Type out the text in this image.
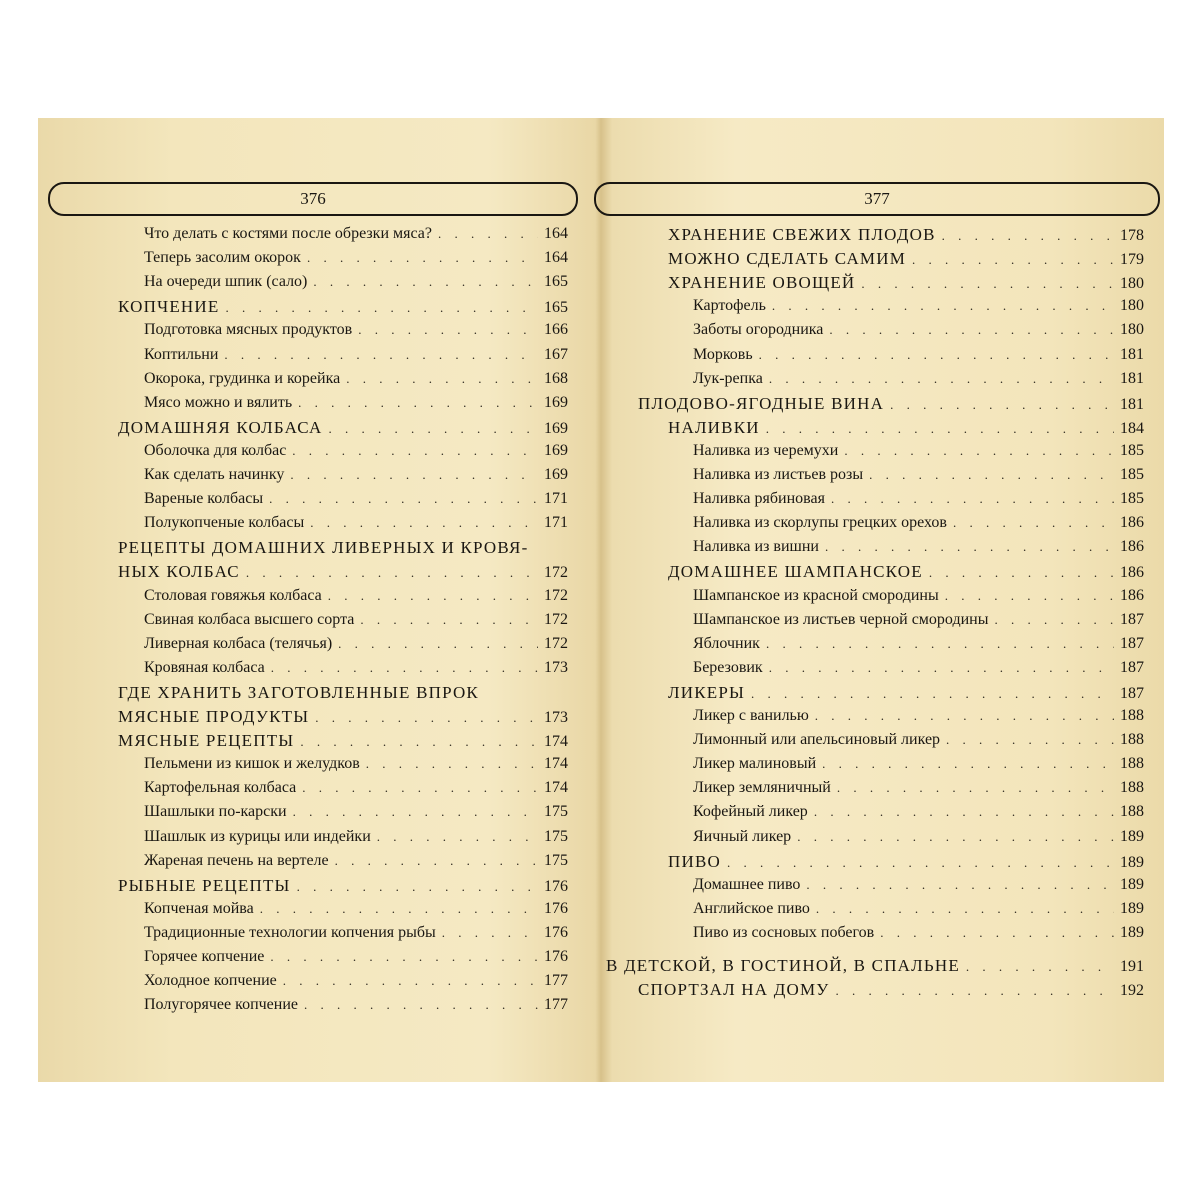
376
Что делать с костями после обрезки мяса? . . .	164
Теперь засолим окорок . . .	164
На очереди шпик (сало) . . .	165
КОПЧЕНИЕ . . .	165
Подготовка мясных продуктов . . .	166
Коптильни . . .	167
Окорока, грудинка и корейка . . .	168
Мясо можно и вялить . . .	169
ДОМАШНЯЯ КОЛБАСА . . .	169
Оболочка для колбас . . .	169
Как сделать начинку . . .	169
Вареные колбасы . . .	171
Полукопченые колбасы . . .	171
РЕЦЕПТЫ ДОМАШНИХ ЛИВЕРНЫХ И КРОВЯ-
НЫХ КОЛБАС . . .	172
Столовая говяжья колбаса . . .	172
Свиная колбаса высшего сорта . . .	172
Ливерная колбаса (телячья) . . .	172
Кровяная колбаса . . .	173
ГДЕ ХРАНИТЬ ЗАГОТОВЛЕННЫЕ ВПРОК
МЯСНЫЕ ПРОДУКТЫ . . .	173
МЯСНЫЕ РЕЦЕПТЫ . . .	174
Пельмени из кишок и желудков . . .	174
Картофельная колбаса . . .	174
Шашлыки по-карски . . .	175
Шашлык из курицы или индейки . . .	175
Жареная печень на вертеле . . .	175
РЫБНЫЕ РЕЦЕПТЫ . . .	176
Копченая мойва . . .	176
Традиционные технологии копчения рыбы . . .	176
Горячее копчение . . .	176
Холодное копчение . . .	177
Полугорячее копчение . . .	177
377
ХРАНЕНИЕ СВЕЖИХ ПЛОДОВ . . .	178
МОЖНО СДЕЛАТЬ САМИМ . . .	179
ХРАНЕНИЕ ОВОЩЕЙ . . .	180
Картофель . . .	180
Заботы огородника . . .	180
Морковь . . .	181
Лук-репка . . .	181
ПЛОДОВО-ЯГОДНЫЕ ВИНА . . .	181
НАЛИВКИ . . .	184
Наливка из черемухи . . .	185
Наливка из листьев розы . . .	185
Наливка рябиновая . . .	185
Наливка из скорлупы грецких орехов . . .	186
Наливка из вишни . . .	186
ДОМАШНЕЕ ШАМПАНСКОЕ . . .	186
Шампанское из красной смородины . . .	186
Шампанское из листьев черной смородины . . .	187
Яблочник . . .	187
Березовик . . .	187
ЛИКЕРЫ . . .	187
Ликер с ванилью . . .	188
Лимонный или апельсиновый ликер . . .	188
Ликер малиновый . . .	188
Ликер земляничный . . .	188
Кофейный ликер . . .	188
Яичный ликер . . .	189
ПИВО . . .	189
Домашнее пиво . . .	189
Английское пиво . . .	189
Пиво из сосновых побегов . . .	189
В ДЕТСКОЙ, В ГОСТИНОЙ, В СПАЛЬНЕ . . .	191
СПОРТЗАЛ НА ДОМУ . . .	192
